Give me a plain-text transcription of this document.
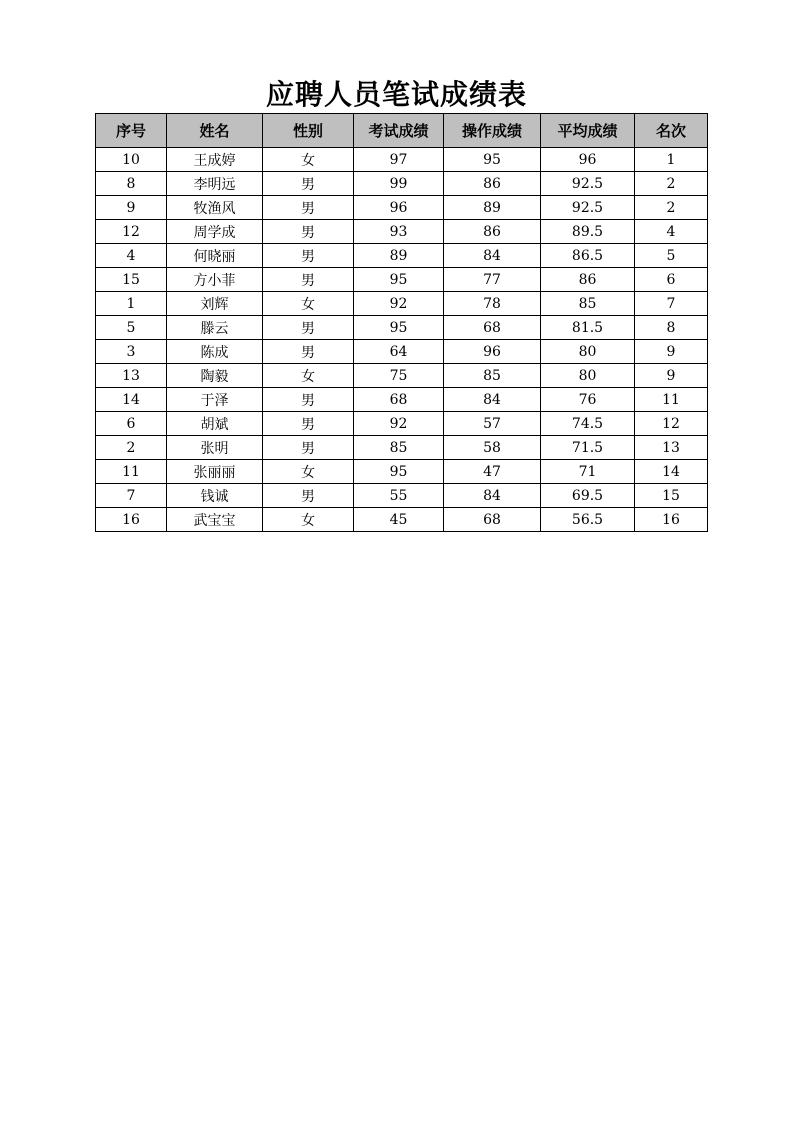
应聘人员笔试成绩表
序号	姓名	性别	考试成绩	操作成绩	平均成绩	名次
10	王成婷	女	97	95	96	1
8	李明远	男	99	86	92.5	2
9	牧渔风	男	96	89	92.5	2
12	周学成	男	93	86	89.5	4
4	何晓丽	男	89	84	86.5	5
15	方小菲	男	95	77	86	6
1	刘辉	女	92	78	85	7
5	滕云	男	95	68	81.5	8
3	陈成	男	64	96	80	9
13	陶毅	女	75	85	80	9
14	于泽	男	68	84	76	11
6	胡斌	男	92	57	74.5	12
2	张明	男	85	58	71.5	13
11	张丽丽	女	95	47	71	14
7	钱诚	男	55	84	69.5	15
16	武宝宝	女	45	68	56.5	16
